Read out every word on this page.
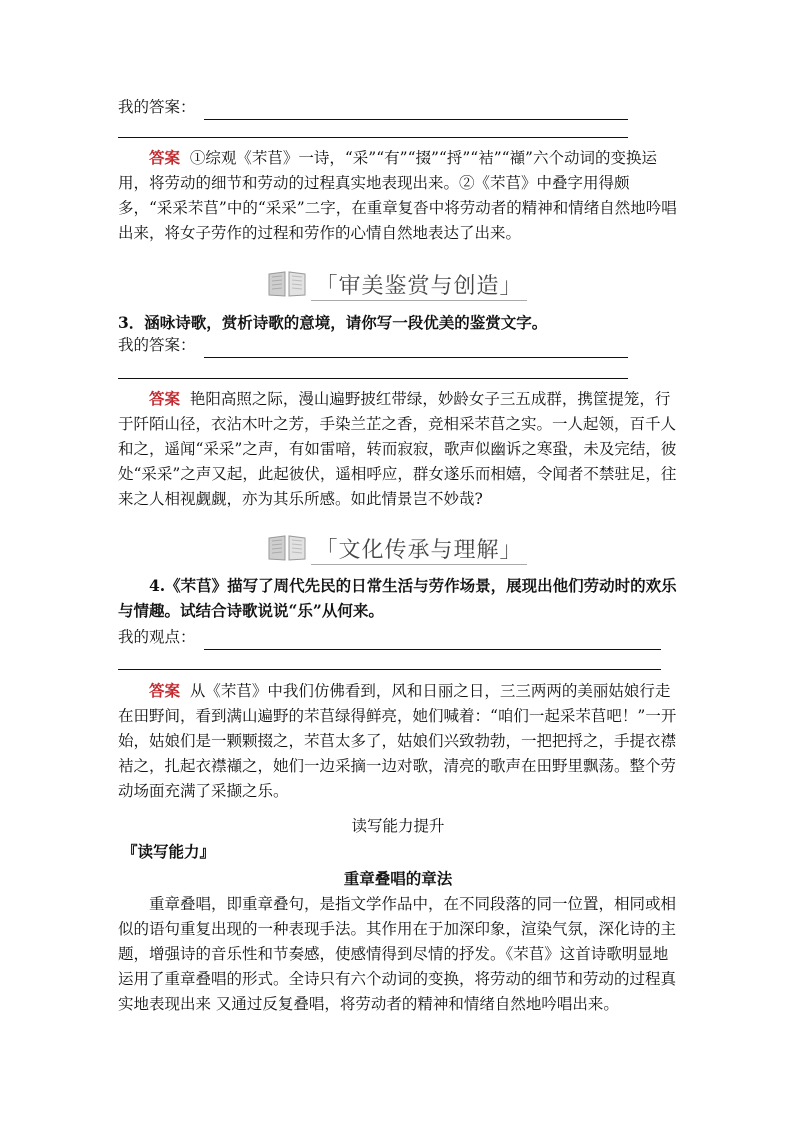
我的答案：

答案 ①综观《芣苢》一诗，“采”“有”“掇”“捋”“袺”“襭”六个动词的变换运用，将劳动的细节和劳动的过程真实地表现出来。②《芣苢》中叠字用得颇多，“采采芣苢”中的“采采”二字，在重章复沓中将劳动者的精神和情绪自然地吟唱出来，将女子劳作的过程和劳作的心情自然地表达了出来。

「审美鉴赏与创造」

3．涵咏诗歌，赏析诗歌的意境，请你写一段优美的鉴赏文字。

我的答案：

答案 艳阳高照之际，漫山遍野披红带绿，妙龄女子三五成群，携筐提笼，行于阡陌山径，衣沾木叶之芳，手染兰芷之香，竞相采芣苢之实。一人起领，百千人和之，遥闻“采采”之声，有如雷喑，转而寂寂，歌声似幽诉之寒蛩，未及完结，彼处“采采”之声又起，此起彼伏，遥相呼应，群女遂乐而相嬉，令闻者不禁驻足，往来之人相视觑觑，亦为其乐所感。如此情景岂不妙哉?

「文化传承与理解」

4.《芣苢》描写了周代先民的日常生活与劳作场景，展现出他们劳动时的欢乐与情趣。试结合诗歌说说“乐”从何来。

我的观点：

答案 从《芣苢》中我们仿佛看到，风和日丽之日，三三两两的美丽姑娘行走在田野间，看到满山遍野的芣苢绿得鲜亮，她们喊着：“咱们一起采芣苢吧！”一开始，姑娘们是一颗颗掇之，芣苢太多了，姑娘们兴致勃勃，一把把捋之，手提衣襟袺之，扎起衣襟襭之，她们一边采摘一边对歌，清亮的歌声在田野里飘荡。整个劳动场面充满了采撷之乐。

读写能力提升

『读写能力』

重章叠唱的章法

重章叠唱，即重章叠句，是指文学作品中，在不同段落的同一位置，相同或相似的语句重复出现的一种表现手法。其作用在于加深印象，渲染气氛，深化诗的主题，增强诗的音乐性和节奏感，使感情得到尽情的抒发。《芣苢》这首诗歌明显地运用了重章叠唱的形式。全诗只有六个动词的变换，将劳动的细节和劳动的过程真实地表现出来 又通过反复叠唱，将劳动者的精神和情绪自然地吟唱出来。
